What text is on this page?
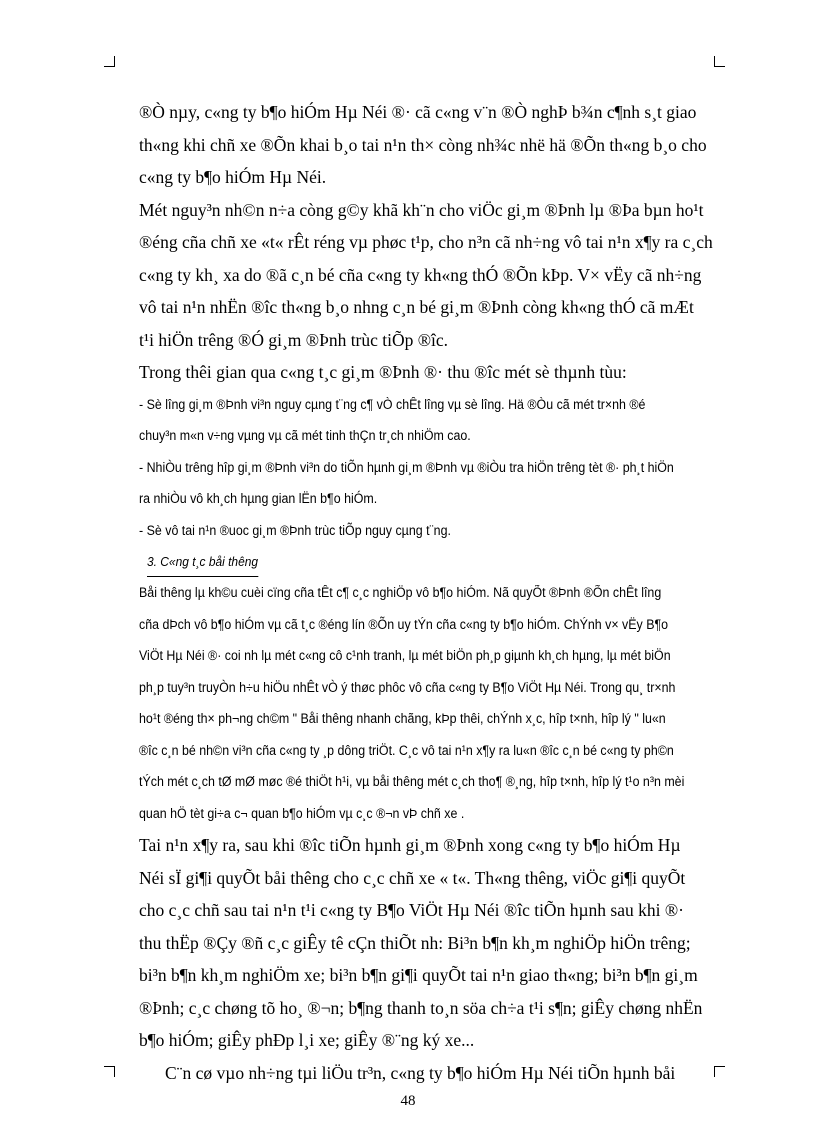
®Ò nµy, c«ng ty b¶o hiÓm Hµ Néi ®· cã c«ng v¨n ®Ò nghÞ b¾n c¶nh s¸t giao
th«ng khi chñ xe ®Õn khai b¸o tai n¹n th× còng nh¾c nhë hä ®Õn th«ng b¸o cho
c«ng ty b¶o hiÓm Hµ Néi.
Mét nguy³n nh©n n÷a còng g©y khã kh¨n cho viÖc gi¸m ®Þnh lµ ®Þa bµn ho¹t
®éng cña chñ xe «t« rÊt réng vµ phøc t¹p, cho n³n cã nh÷ng vô tai n¹n x¶y ra c¸ch
c«ng ty kh¸ xa do ®ã c¸n bé cña c«ng ty kh«ng thÓ ®Õn kÞp. V× vËy cã nh÷ng
vô tai n¹n nhËn ®îc th«ng b¸o nhng c¸n bé gi¸m ®Þnh còng kh«ng thÓ cã mÆt
t¹i hiÖn trêng ®Ó gi¸m ®Þnh trùc tiÕp ®îc.
Trong thêi gian qua c«ng t¸c gi¸m ®Þnh ®· thu ®îc mét sè thµnh tùu:
- Sè lîng gi¸m ®Þnh vi³n nguy cµng t¨ng c¶ vÒ chÊt lîng vµ sè lîng. Hä ®Òu cã mét tr×nh ®é
chuy³n m«n v÷ng vµng vµ cã mét tinh thÇn tr¸ch nhiÖm cao.
- NhiÒu trêng hîp gi¸m ®Þnh vi³n do tiÕn hµnh gi¸m ®Þnh vµ ®iÒu tra hiÖn trêng tèt ®· ph¸t hiÖn
ra nhiÒu vô kh¸ch hµng gian lËn b¶o hiÓm.
- Sè vô tai n¹n ®uoc gi¸m ®Þnh trùc tiÕp nguy cµng t¨ng.
3. C«ng t¸c båi thêng
Båi thêng lµ kh©u cuèi cïng cña tÊt c¶ c¸c nghiÖp vô b¶o hiÓm. Nã quyÕt ®Þnh ®Õn chÊt lîng
cña dÞch vô b¶o hiÓm vµ cã t¸c ®éng lín ®Õn uy tÝn cña c«ng ty b¶o hiÓm. ChÝnh v× vËy B¶o
ViÖt Hµ Néi ®· coi nh lµ mét c«ng cô c¹nh tranh, lµ mét biÖn ph¸p giµnh kh¸ch hµng, lµ mét biÖn
ph¸p tuy³n truyÒn h÷u hiÖu nhÊt vÒ ý thøc phôc vô cña c«ng ty B¶o ViÖt Hµ Néi. Trong qu¸ tr×nh
ho¹t ®éng th× ph¬ng ch©m " Båi thêng nhanh chãng, kÞp thêi, chÝnh x¸c, hîp t×nh, hîp lý " lu«n
®îc c¸n bé nh©n vi³n cña c«ng ty ¸p dông triÖt. C¸c vô tai n¹n x¶y ra lu«n ®îc c¸n bé c«ng ty ph©n
tÝch mét c¸ch tØ mØ møc ®é thiÖt h¹i, vµ båi thêng mét c¸ch tho¶ ®¸ng, hîp t×nh, hîp lý t¹o n³n mèi
quan hÖ tèt gi÷a c¬ quan b¶o hiÓm vµ c¸c ®¬n vÞ chñ xe .
Tai n¹n x¶y ra, sau khi ®îc tiÕn hµnh gi¸m ®Þnh xong c«ng ty b¶o hiÓm Hµ
Néi sÏ gi¶i quyÕt båi thêng cho c¸c chñ xe « t«. Th«ng thêng, viÖc gi¶i quyÕt
cho c¸c chñ sau tai n¹n t¹i c«ng ty B¶o ViÖt Hµ Néi ®îc tiÕn hµnh sau khi ®·
thu thËp ®Çy ®ñ c¸c giÊy tê cÇn thiÕt nh: Bi³n b¶n kh¸m nghiÖp hiÖn trêng;
bi³n b¶n kh¸m nghiÖm xe; bi³n b¶n gi¶i quyÕt tai n¹n giao th«ng; bi³n b¶n gi¸m
®Þnh; c¸c chøng tõ ho¸ ®¬n; b¶ng thanh to¸n söa ch÷a t¹i s¶n; giÊy chøng nhËn
b¶o hiÓm; giÊy phÐp l¸i xe; giÊy ®¨ng ký xe...
C¨n cø vµo nh÷ng tµi liÖu tr³n, c«ng ty b¶o hiÓm Hµ Néi tiÕn hµnh båi
48
